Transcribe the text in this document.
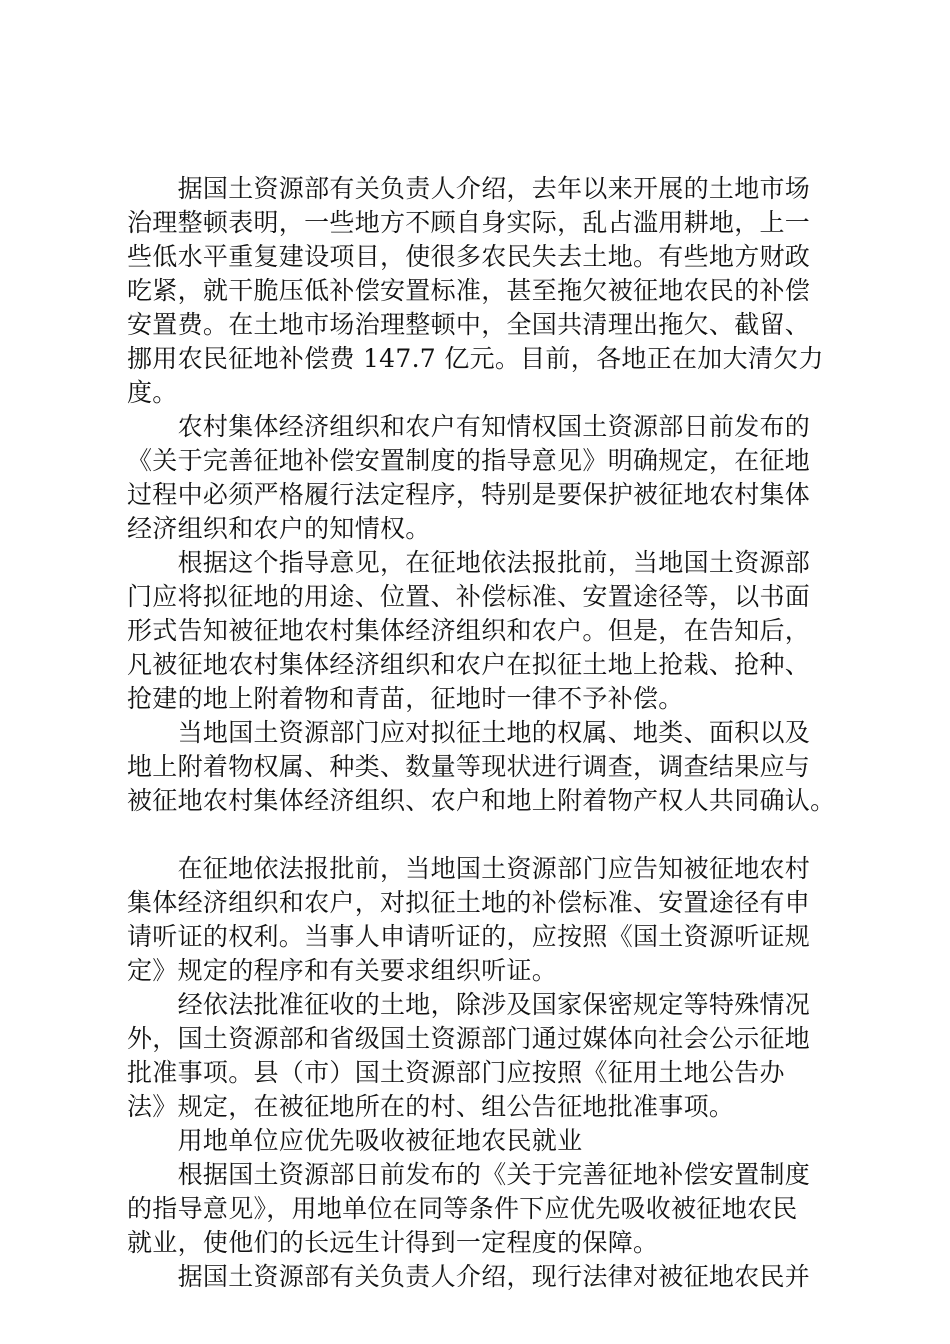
　　据国土资源部有关负责人介绍，去年以来开展的土地市场
治理整顿表明，一些地方不顾自身实际，乱占滥用耕地，上一
些低水平重复建设项目，使很多农民失去土地。有些地方财政
吃紧，就干脆压低补偿安置标准，甚至拖欠被征地农民的补偿
安置费。在土地市场治理整顿中，全国共清理出拖欠、截留、
挪用农民征地补偿费 147.7 亿元。目前，各地正在加大清欠力
度。
　　农村集体经济组织和农户有知情权国土资源部日前发布的
《关于完善征地补偿安置制度的指导意见》明确规定，在征地
过程中必须严格履行法定程序，特别是要保护被征地农村集体
经济组织和农户的知情权。
　　根据这个指导意见，在征地依法报批前，当地国土资源部
门应将拟征地的用途、位置、补偿标准、安置途径等，以书面
形式告知被征地农村集体经济组织和农户。但是，在告知后，
凡被征地农村集体经济组织和农户在拟征土地上抢栽、抢种、
抢建的地上附着物和青苗，征地时一律不予补偿。
　　当地国土资源部门应对拟征土地的权属、地类、面积以及
地上附着物权属、种类、数量等现状进行调查，调查结果应与
被征地农村集体经济组织、农户和地上附着物产权人共同确认。
　　在征地依法报批前，当地国土资源部门应告知被征地农村
集体经济组织和农户，对拟征土地的补偿标准、安置途径有申
请听证的权利。当事人申请听证的，应按照《国土资源听证规
定》规定的程序和有关要求组织听证。
　　经依法批准征收的土地，除涉及国家保密规定等特殊情况
外，国土资源部和省级国土资源部门通过媒体向社会公示征地
批准事项。县（市）国土资源部门应按照《征用土地公告办
法》规定，在被征地所在的村、组公告征地批准事项。
　　用地单位应优先吸收被征地农民就业
　　根据国土资源部日前发布的《关于完善征地补偿安置制度
的指导意见》，用地单位在同等条件下应优先吸收被征地农民
就业，使他们的长远生计得到一定程度的保障。
　　据国土资源部有关负责人介绍，现行法律对被征地农民并
